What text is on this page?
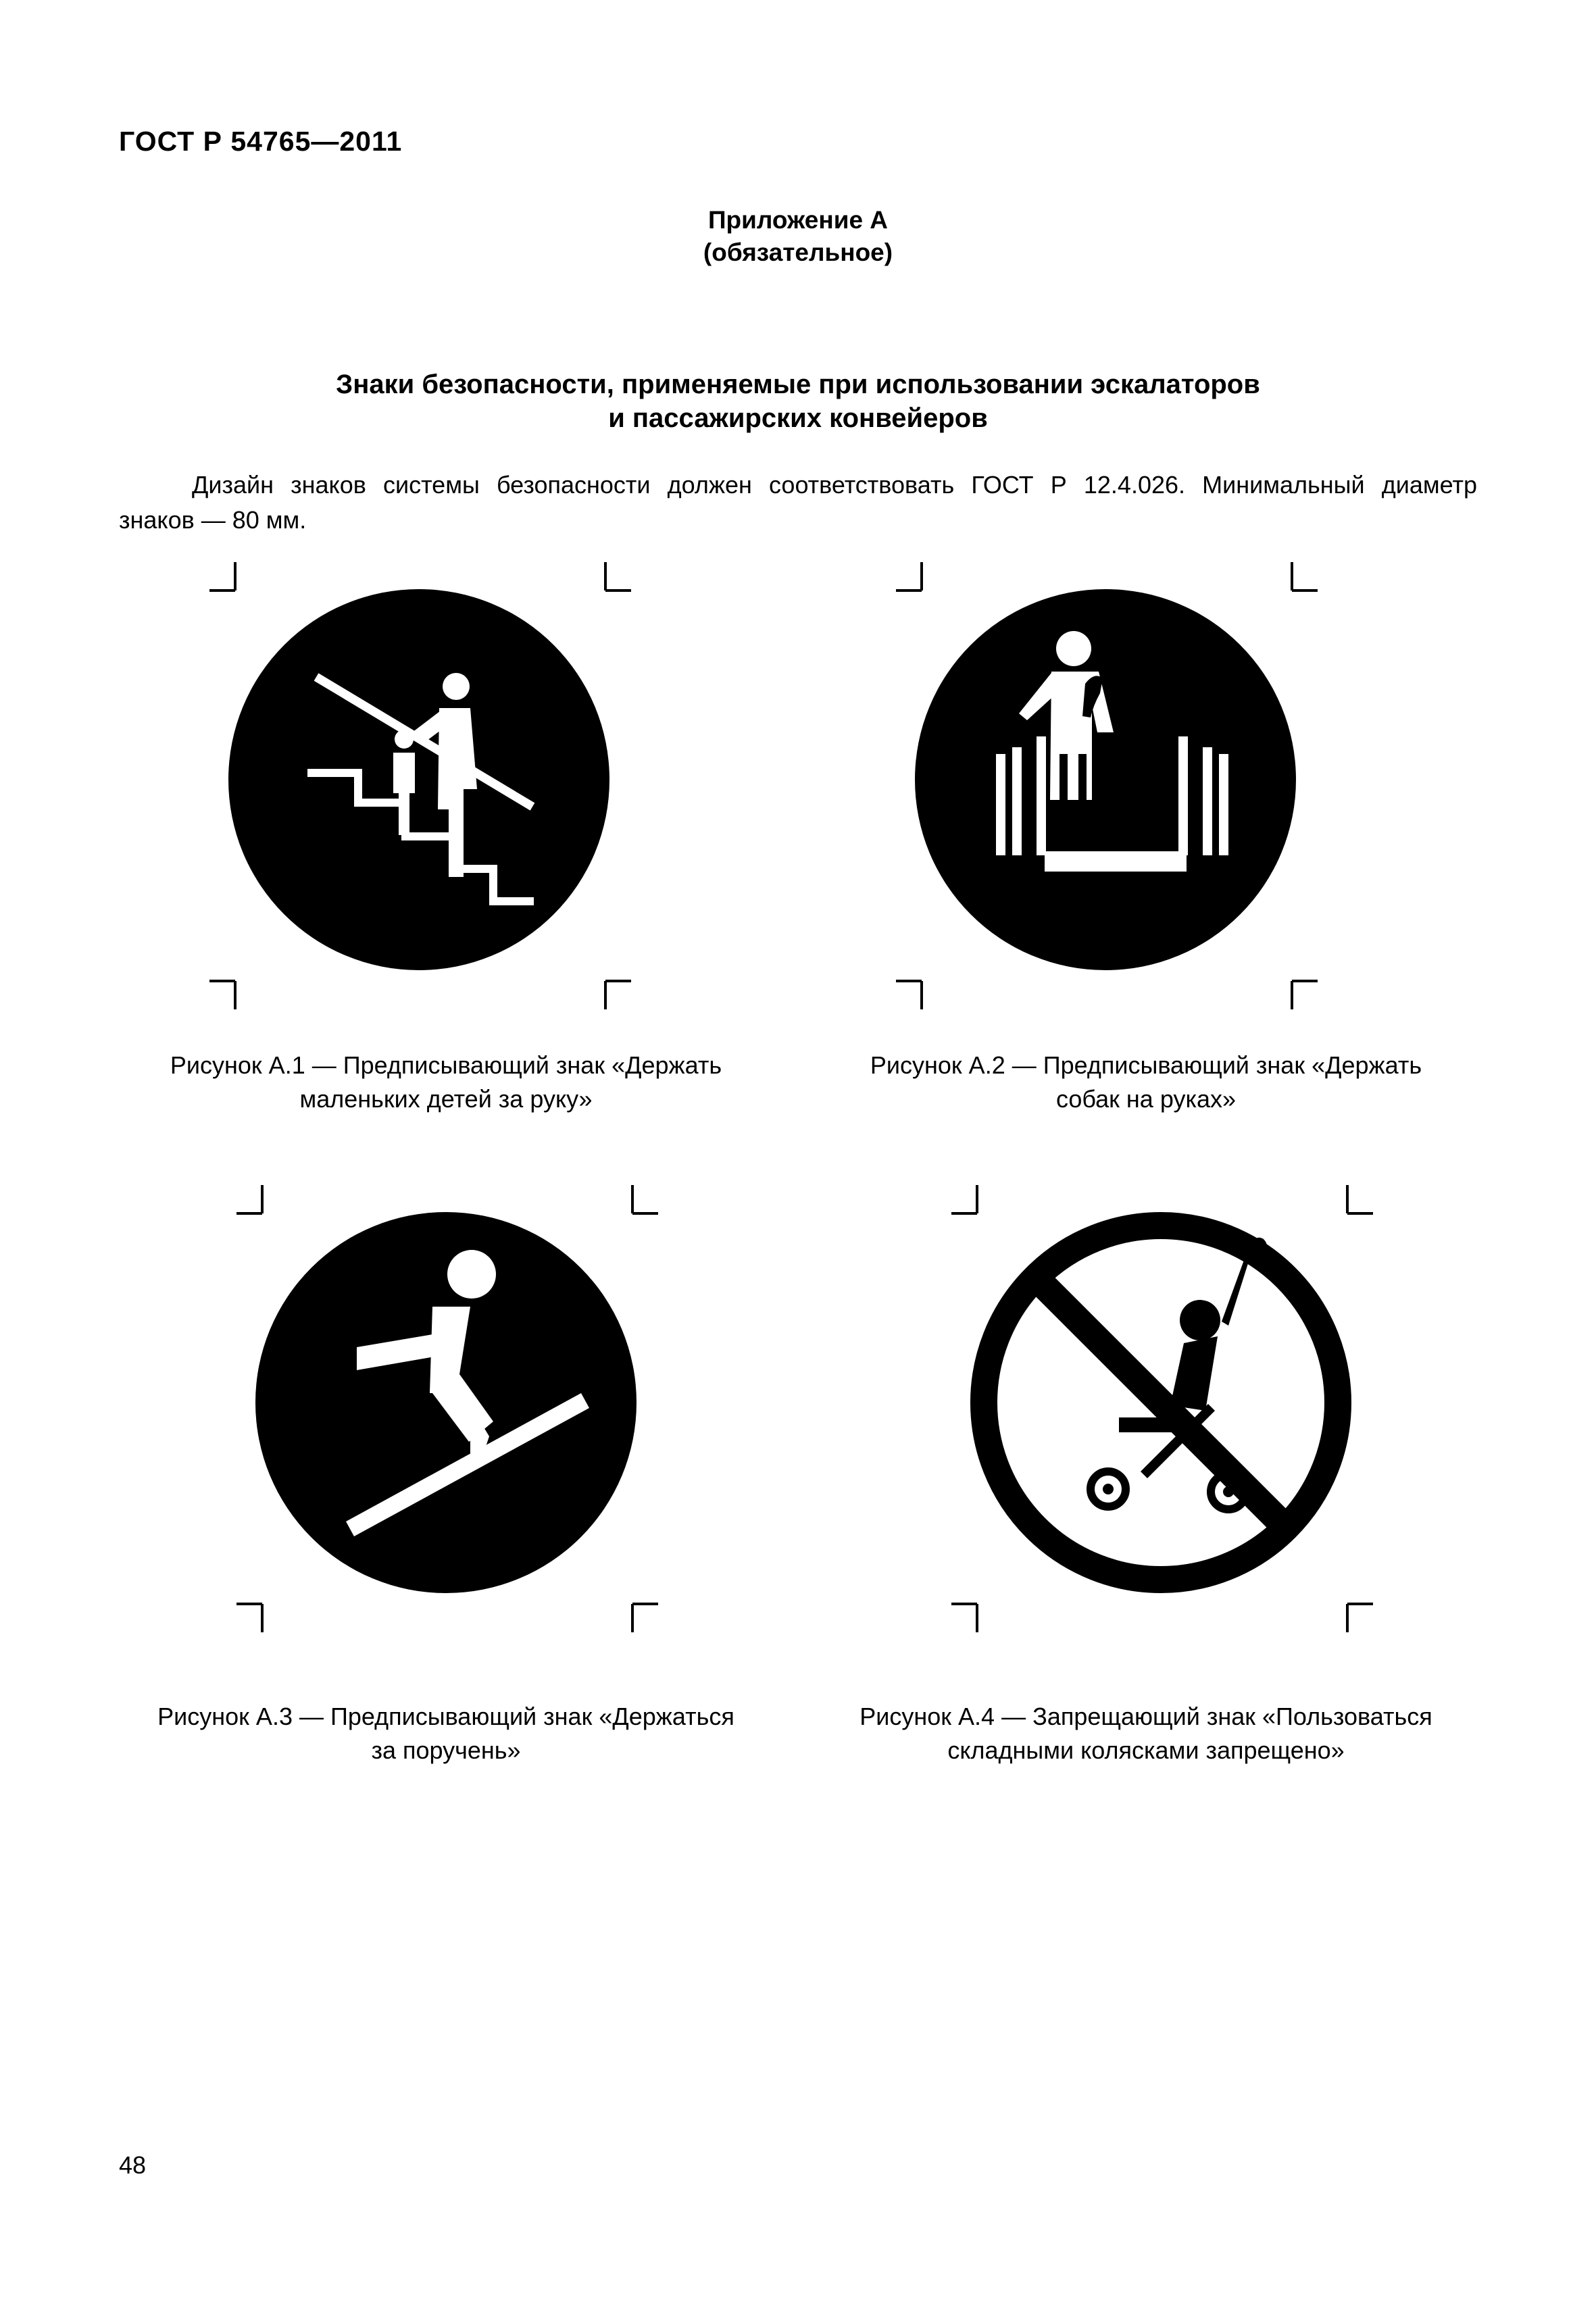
ГОСТ Р 54765—2011
Приложение А
(обязательное)
Знаки безопасности, применяемые при использовании эскалаторов
и пассажирских конвейеров
Дизайн знаков системы безопасности должен соответствовать ГОСТ Р 12.4.026. Минимальный диаметр
знаков — 80 мм.
Рисунок А.1 — Предписывающий знак «Держать
маленьких детей за руку»
Рисунок А.2 — Предписывающий знак «Держать
собак на руках»
Рисунок А.3 — Предписывающий знак «Держаться
за поручень»
Рисунок А.4 — Запрещающий знак «Пользоваться
складными колясками запрещено»
48
